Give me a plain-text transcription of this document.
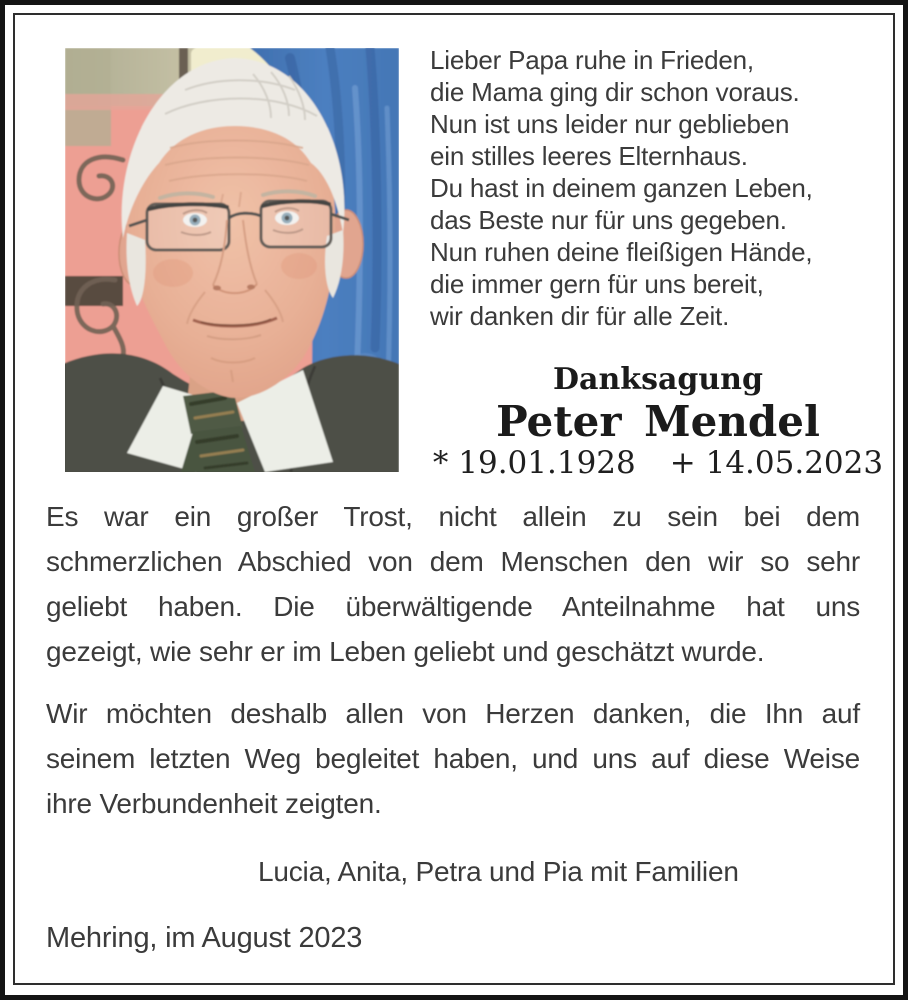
Lieber Papa ruhe in Frieden,
die Mama ging dir schon voraus.
Nun ist uns leider nur geblieben
ein stilles leeres Elternhaus.
Du hast in deinem ganzen Leben,
das Beste nur für uns gegeben.
Nun ruhen deine fleißigen Hände,
die immer gern für uns bereit,
wir danken dir für alle Zeit.
Danksagung
Peter Mendel
* 19.01.1928 + 14.05.2023
Es war ein großer Trost, nicht allein zu sein bei dem
schmerzlichen Abschied von dem Menschen den wir so sehr
geliebt haben. Die überwältigende Anteilnahme hat uns
gezeigt, wie sehr er im Leben geliebt und geschätzt wurde.
Wir möchten deshalb allen von Herzen danken, die Ihn auf
seinem letzten Weg begleitet haben, und uns auf diese Weise
ihre Verbundenheit zeigten.
Lucia, Anita, Petra und Pia mit Familien
Mehring, im August 2023
